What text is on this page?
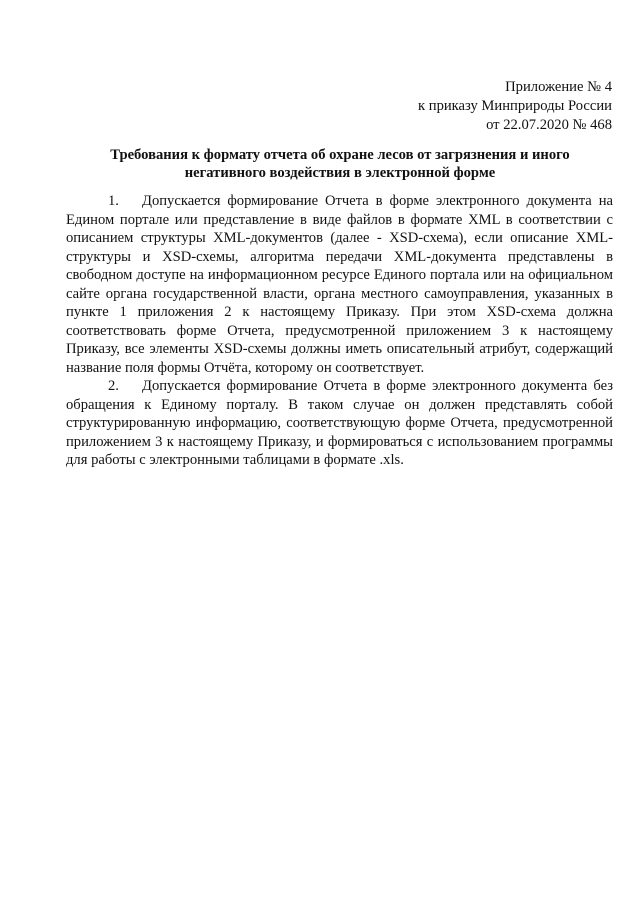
Приложение № 4
к приказу Минприроды России
от 22.07.2020 № 468
Требования к формату отчета об охране лесов от загрязнения и иного
негативного воздействия в электронной форме

1. Допускается формирование Отчета в форме электронного документа на Едином портале или представление в виде файлов в формате XML в соответствии с описанием структуры XML-документов (далее - XSD-схема), если описание XML-структуры и XSD-схемы, алгоритма передачи XML-документа представлены в свободном доступе на информационном ресурсе Единого портала или на официальном сайте органа государственной власти, органа местного самоуправления, указанных в пункте 1 приложения 2 к настоящему Приказу. При этом XSD-схема должна соответствовать форме Отчета, предусмотренной приложением 3 к настоящему Приказу, все элементы XSD-схемы должны иметь описательный атрибут, содержащий название поля формы Отчёта, которому он соответствует.

2. Допускается формирование Отчета в форме электронного документа без обращения к Единому порталу. В таком случае он должен представлять собой структурированную информацию, соответствующую форме Отчета, предусмотренной приложением 3 к настоящему Приказу, и формироваться с использованием программы для работы с электронными таблицами в формате .xls.
